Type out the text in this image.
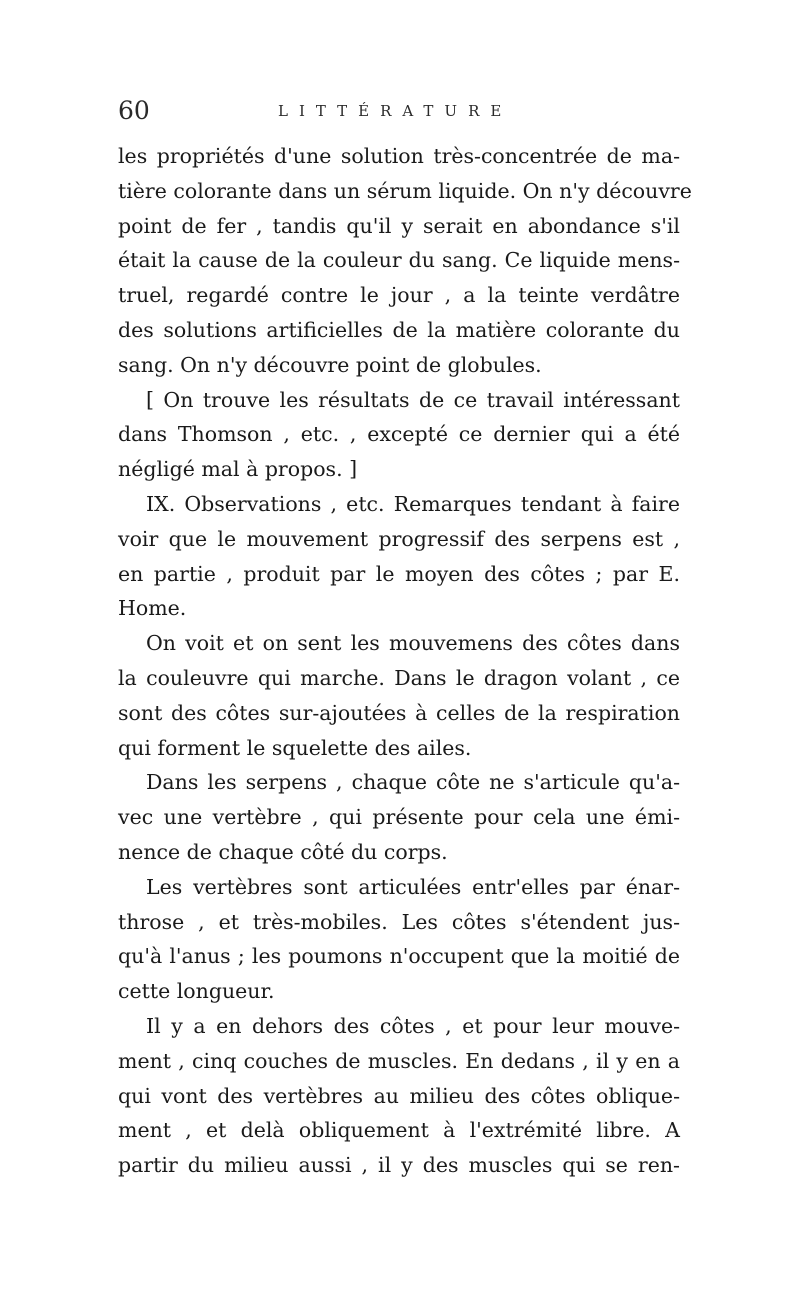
60	LITTÉRATURE
les propriétés d'une solution très-concentrée de ma-
tière colorante dans un sérum liquide. On n'y découvre
point de fer , tandis qu'il y serait en abondance s'il
était la cause de la couleur du sang. Ce liquide mens-
truel, regardé contre le jour , a la teinte verdâtre
des solutions artificielles de la matière colorante du
sang. On n'y découvre point de globules.
[ On trouve les résultats de ce travail intéressant
dans Thomson , etc. , excepté ce dernier qui a été
négligé mal à propos. ]
IX. Observations , etc. Remarques tendant à faire
voir que le mouvement progressif des serpens est ,
en partie , produit par le moyen des côtes ; par E.
Home.
On voit et on sent les mouvemens des côtes dans
la couleuvre qui marche. Dans le dragon volant , ce
sont des côtes sur-ajoutées à celles de la respiration
qui forment le squelette des ailes.
Dans les serpens , chaque côte ne s'articule qu'a-
vec une vertèbre , qui présente pour cela une émi-
nence de chaque côté du corps.
Les vertèbres sont articulées entr'elles par énar-
throse , et très-mobiles. Les côtes s'étendent jus-
qu'à l'anus ; les poumons n'occupent que la moitié de
cette longueur.
Il y a en dehors des côtes , et pour leur mouve-
ment , cinq couches de muscles. En dedans , il y en a
qui vont des vertèbres au milieu des côtes oblique-
ment , et delà obliquement à l'extrémité libre. A
partir du milieu aussi , il y des muscles qui se ren-
